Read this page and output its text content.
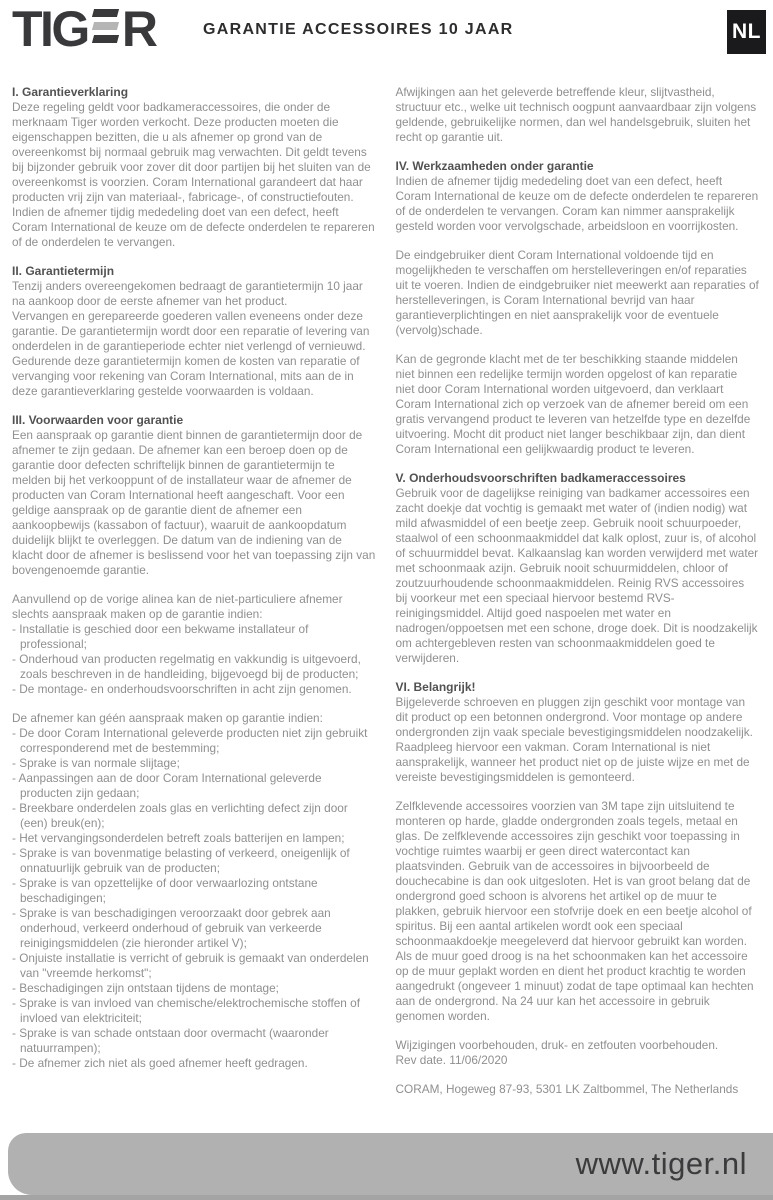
TIG R	GARANTIE ACCESSOIRES 10 JAAR	NL
I. Garantieverklaring
Deze regeling geldt voor badkameraccessoires, die onder de merknaam Tiger worden verkocht. Deze producten moeten die eigenschappen bezitten, die u als afnemer op grond van de overeenkomst bij normaal gebruik mag verwachten. Dit geldt tevens bij bijzonder gebruik voor zover dit door partijen bij het sluiten van de overeenkomst is voorzien. Coram International garandeert dat haar producten vrij zijn van materiaal-, fabricage-, of constructiefouten. Indien de afnemer tijdig mededeling doet van een defect, heeft Coram International de keuze om de defecte onderdelen te repareren of de onderdelen te vervangen.
II. Garantietermijn
Tenzij anders overeengekomen bedraagt de garantietermijn 10 jaar na aankoop door de eerste afnemer van het product.
Vervangen en gerepareerde goederen vallen eveneens onder deze garantie. De garantietermijn wordt door een reparatie of levering van onderdelen in de garantieperiode echter niet verlengd of vernieuwd.
Gedurende deze garantietermijn komen de kosten van reparatie of vervanging voor rekening van Coram International, mits aan de in deze garantieverklaring gestelde voorwaarden is voldaan.
III. Voorwaarden voor garantie
Een aanspraak op garantie dient binnen de garantietermijn door de afnemer te zijn gedaan. De afnemer kan een beroep doen op de garantie door defecten schriftelijk binnen de garantietermijn te melden bij het verkooppunt of de installateur waar de afnemer de producten van Coram International heeft aangeschaft. Voor een geldige aanspraak op de garantie dient de afnemer een aankoopbewijs (kassabon of factuur), waaruit de aankoopdatum duidelijk blijkt te overleggen. De datum van de indiening van de klacht door de afnemer is beslissend voor het van toepassing zijn van bovengenoemde garantie.
Aanvullend op de vorige alinea kan de niet-particuliere afnemer slechts aanspraak maken op de garantie indien:
- Installatie is geschied door een bekwame installateur of professional;
- Onderhoud van producten regelmatig en vakkundig is uitgevoerd, zoals beschreven in de handleiding, bijgevoegd bij de producten;
- De montage- en onderhoudsvoorschriften in acht zijn genomen.
De afnemer kan géén aanspraak maken op garantie indien:
- De door Coram International geleverde producten niet zijn gebruikt corresponderend met de bestemming;
- Sprake is van normale slijtage;
- Aanpassingen aan de door Coram International geleverde producten zijn gedaan;
- Breekbare onderdelen zoals glas en verlichting defect zijn door (een) breuk(en);
- Het vervangingsonderdelen betreft zoals batterijen en lampen;
- Sprake is van bovenmatige belasting of verkeerd, oneigenlijk of onnatuurlijk gebruik van de producten;
- Sprake is van opzettelijke of door verwaarlozing ontstane beschadigingen;
- Sprake is van beschadigingen veroorzaakt door gebrek aan onderhoud, verkeerd onderhoud of gebruik van verkeerde reinigingsmiddelen (zie hieronder artikel V);
- Onjuiste installatie is verricht of gebruik is gemaakt van onderdelen van "vreemde herkomst";
- Beschadigingen zijn ontstaan tijdens de montage;
- Sprake is van invloed van chemische/elektrochemische stoffen of invloed van elektriciteit;
- Sprake is van schade ontstaan door overmacht (waaronder natuurrampen);
- De afnemer zich niet als goed afnemer heeft gedragen.
Afwijkingen aan het geleverde betreffende kleur, slijtvastheid, structuur etc., welke uit technisch oogpunt aanvaardbaar zijn volgens geldende, gebruikelijke normen, dan wel handelsgebruik, sluiten het recht op garantie uit.
IV. Werkzaamheden onder garantie
Indien de afnemer tijdig mededeling doet van een defect, heeft Coram International de keuze om de defecte onderdelen te repareren of de onderdelen te vervangen. Coram kan nimmer aansprakelijk gesteld worden voor vervolgschade, arbeidsloon en voorrijkosten.
De eindgebruiker dient Coram International voldoende tijd en mogelijkheden te verschaffen om herstelleveringen en/of reparaties uit te voeren. Indien de eindgebruiker niet meewerkt aan reparaties of herstelleveringen, is Coram International bevrijd van haar garantieverplichtingen en niet aansprakelijk voor de eventuele (vervolg)schade.
Kan de gegronde klacht met de ter beschikking staande middelen niet binnen een redelijke termijn worden opgelost of kan reparatie niet door Coram International worden uitgevoerd, dan verklaart Coram International zich op verzoek van de afnemer bereid om een gratis vervangend product te leveren van hetzelfde type en dezelfde uitvoering. Mocht dit product niet langer beschikbaar zijn, dan dient Coram International een gelijkwaardig product te leveren.
V. Onderhoudsvoorschriften badkameraccessoires
Gebruik voor de dagelijkse reiniging van badkamer accessoires een zacht doekje dat vochtig is gemaakt met water of (indien nodig) wat mild afwasmiddel of een beetje zeep. Gebruik nooit schuurpoeder, staalwol of een schoonmaakmiddel dat kalk oplost, zuur is, of alcohol of schuurmiddel bevat. Kalkaanslag kan worden verwijderd met water met schoonmaak azijn. Gebruik nooit schuurmiddelen, chloor of zoutzuurhoudende schoonmaakmiddelen. Reinig RVS accessoires bij voorkeur met een speciaal hiervoor bestemd RVS-reinigingsmiddel. Altijd goed naspoelen met water en nadrogen/oppoetsen met een schone, droge doek. Dit is noodzakelijk om achtergebleven resten van schoonmaakmiddelen goed te verwijderen.
VI. Belangrijk!
Bijgeleverde schroeven en pluggen zijn geschikt voor montage van dit product op een betonnen ondergrond. Voor montage op andere ondergronden zijn vaak speciale bevestigingsmiddelen noodzakelijk. Raadpleeg hiervoor een vakman. Coram International is niet aansprakelijk, wanneer het product niet op de juiste wijze en met de vereiste bevestigingsmiddelen is gemonteerd.
Zelfklevende accessoires voorzien van 3M tape zijn uitsluitend te monteren op harde, gladde ondergronden zoals tegels, metaal en glas. De zelfklevende accessoires zijn geschikt voor toepassing in vochtige ruimtes waarbij er geen direct watercontact kan plaatsvinden. Gebruik van de accessoires in bijvoorbeeld de douchecabine is dan ook uitgesloten. Het is van groot belang dat de ondergrond goed schoon is alvorens het artikel op de muur te plakken, gebruik hiervoor een stofvrije doek en een beetje alcohol of spiritus. Bij een aantal artikelen wordt ook een speciaal schoonmaakdoekje meegeleverd dat hiervoor gebruikt kan worden. Als de muur goed droog is na het schoonmaken kan het accessoire op de muur geplakt worden en dient het product krachtig te worden aangedrukt (ongeveer 1 minuut) zodat de tape optimaal kan hechten aan de ondergrond. Na 24 uur kan het accessoire in gebruik genomen worden.
Wijzigingen voorbehouden, druk- en zetfouten voorbehouden.
Rev date. 11/06/2020
CORAM, Hogeweg 87-93, 5301 LK Zaltbommel, The Netherlands
www.tiger.nl
